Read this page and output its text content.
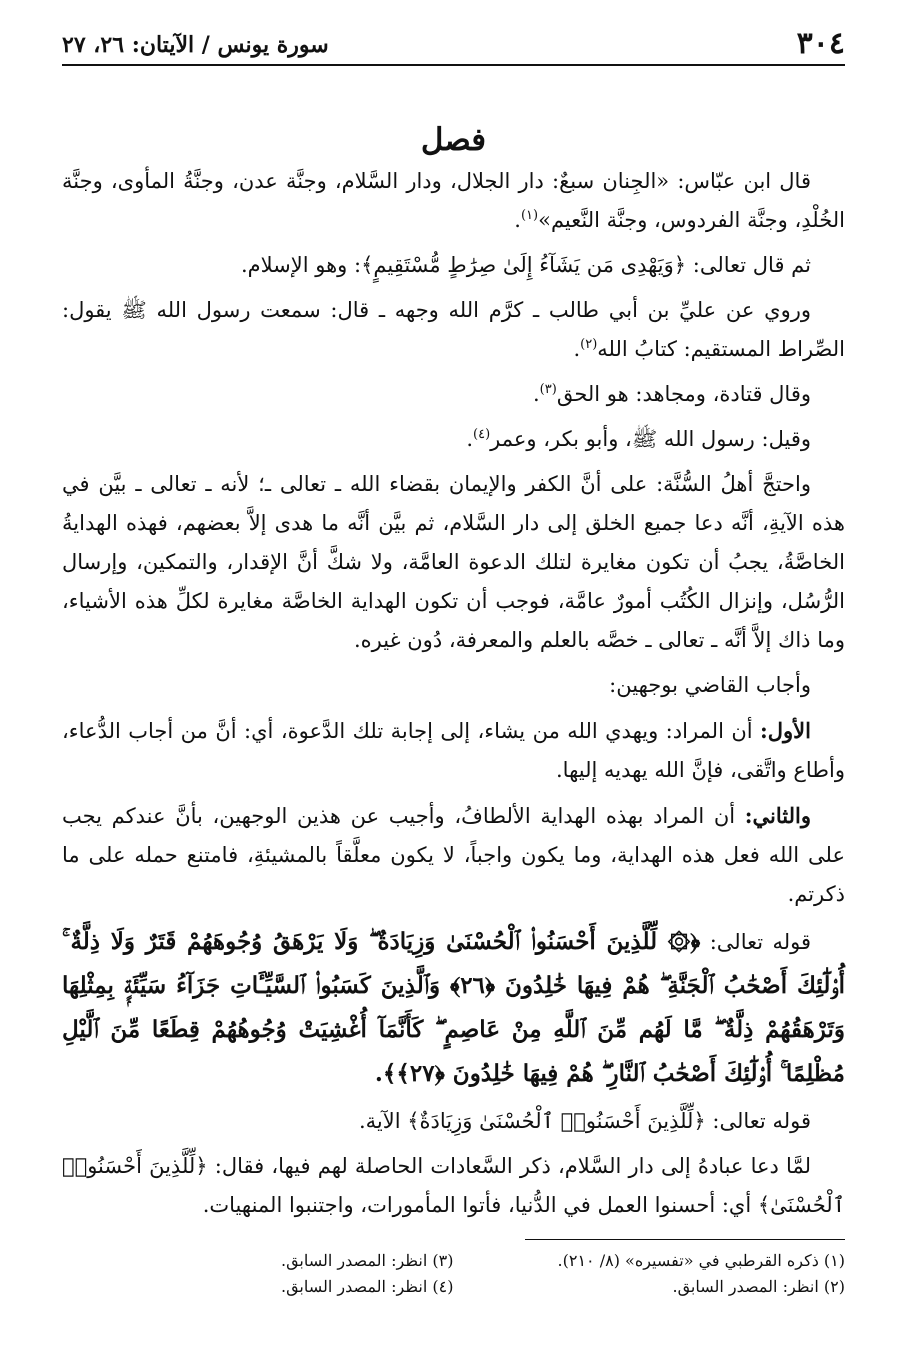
٣٠٤
سورة يونس / الآيتان: ٢٦، ٢٧
فصل

قال ابن عبّاس: «الجِنان سبعٌ: دار الجلال، ودار السَّلام، وجنَّة عدن، وجنَّةُ المأوى، وجنَّة الخُلْدِ، وجنَّة الفردوس، وجنَّة النَّعيم»$^{(١)}$.

ثم قال تعالى: ﴿وَيَهْدِى مَن يَشَآءُ إِلَىٰ صِرَٰطٍ مُّسْتَقِيمٍ﴾: وهو الإسلام.

وروي عن عليِّ بن أبي طالب ـ كرَّم الله وجهه ـ قال: سمعت رسول الله ﷺ يقول: الصِّراط المستقيم: كتابُ الله$^{(٢)}$.

وقال قتادة، ومجاهد: هو الحق$^{(٣)}$.

وقيل: رسول الله ﷺ، وأبو بكر، وعمر$^{(٤)}$.

واحتجَّ أهلُ السُّنَّة: على أنَّ الكفر والإيمان بقضاء الله ـ تعالى ـ؛ لأنه ـ تعالى ـ بيَّن في هذه الآيةِ، أنَّه دعا جميع الخلق إلى دار السَّلام، ثم بيَّن أنَّه ما هدى إلاَّ بعضهم، فهذه الهدايةُ الخاصَّةُ، يجبُ أن تكون مغايرة لتلك الدعوة العامَّة، ولا شكَّ أنَّ الإقدار، والتمكين، وإرسال الرُّسُل، وإنزال الكُتُب أمورٌ عامَّة، فوجب أن تكون الهداية الخاصَّة مغايرة لكلِّ هذه الأشياء، وما ذاك إلاَّ أنَّه ـ تعالى ـ خصَّه بالعلم والمعرفة، دُون غيره.

وأجاب القاضي بوجهين:

الأول: أن المراد: ويهدي الله من يشاء، إلى إجابة تلك الدَّعوة، أي: أنَّ من أجاب الدُّعاء، وأطاع واتَّقى، فإنَّ الله يهديه إليها.

والثاني: أن المراد بهذه الهداية الألطافُ، وأجيب عن هذين الوجهين، بأنَّ عندكم يجب على الله فعل هذه الهداية، وما يكون واجباً، لا يكون معلَّقاً بالمشيئةِ، فامتنع حمله على ما ذكرتم.

قوله تعالى: ﴿۞ لِّلَّذِينَ أَحْسَنُوا۟ ٱلْحُسْنَىٰ وَزِيَادَةٌ ۖ وَلَا يَرْهَقُ وُجُوهَهُمْ قَتَرٌ وَلَا ذِلَّةٌ ۚ أُو۟لَٰٓئِكَ أَصْحَٰبُ ٱلْجَنَّةِ ۖ هُمْ فِيهَا خَٰلِدُونَ ﴿٢٦﴾ وَٱلَّذِينَ كَسَبُوا۟ ٱلسَّيِّـَٔاتِ جَزَآءُ سَيِّئَةٍۭ بِمِثْلِهَا وَتَرْهَقُهُمْ ذِلَّةٌ ۖ مَّا لَهُم مِّنَ ٱللَّهِ مِنْ عَاصِمٍ ۖ كَأَنَّمَآ أُغْشِيَتْ وُجُوهُهُمْ قِطَعًا مِّنَ ٱلَّيْلِ مُظْلِمًا ۚ أُو۟لَٰٓئِكَ أَصْحَٰبُ ٱلنَّارِ ۖ هُمْ فِيهَا خَٰلِدُونَ ﴿٢٧﴾﴾.

قوله تعالى: ﴿لِّلَّذِينَ أَحْسَنُوا۟ ٱلْحُسْنَىٰ وَزِيَادَةٌ﴾ الآية.

لمَّا دعا عبادهُ إلى دار السَّلام، ذكر السَّعادات الحاصلة لهم فيها، فقال: ﴿لِّلَّذِينَ أَحْسَنُوا۟ ٱلْحُسْنَىٰ﴾ أي: أحسنوا العمل في الدُّنيا، فأتوا المأمورات، واجتنبوا المنهيات.

(١) ذكره القرطبي في «تفسيره» (٨/ ٢١٠).
(٢) انظر: المصدر السابق.
(٣) انظر: المصدر السابق.
(٤) انظر: المصدر السابق.
